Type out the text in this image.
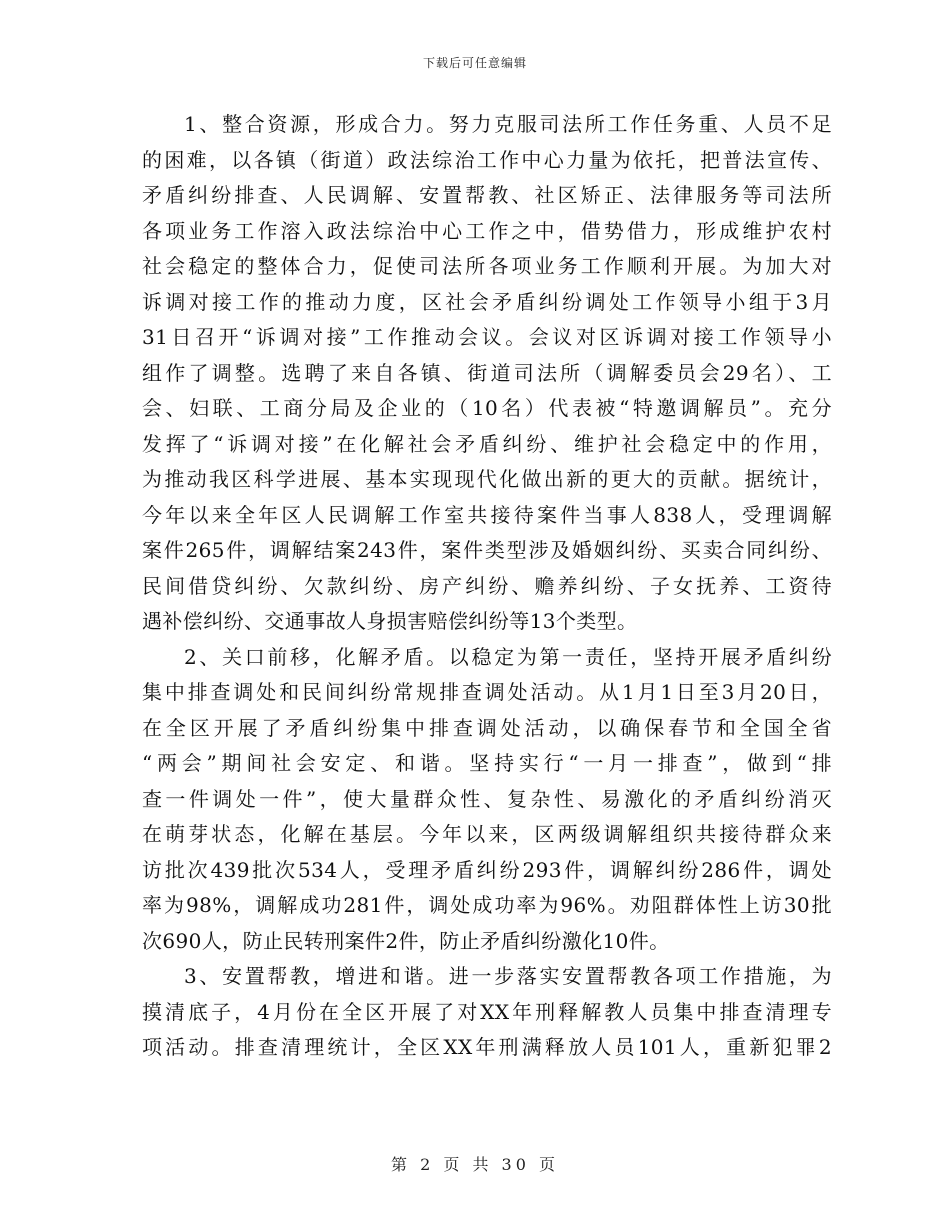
下载后可任意编辑
1、整合资源，形成合力。努力克服司法所工作任务重、人员不足
的困难，以各镇（街道）政法综治工作中心力量为依托，把普法宣传、
矛盾纠纷排查、人民调解、安置帮教、社区矫正、法律服务等司法所
各项业务工作溶入政法综治中心工作之中，借势借力，形成维护农村
社会稳定的整体合力，促使司法所各项业务工作顺利开展。为加大对
诉调对接工作的推动力度，区社会矛盾纠纷调处工作领导小组于3月
31日召开“诉调对接”工作推动会议。会议对区诉调对接工作领导小
组作了调整。选聘了来自各镇、街道司法所（调解委员会29名）、工
会、妇联、工商分局及企业的（10名）代表被“特邀调解员”。充分
发挥了“诉调对接”在化解社会矛盾纠纷、维护社会稳定中的作用，
为推动我区科学进展、基本实现现代化做出新的更大的贡献。据统计，
今年以来全年区人民调解工作室共接待案件当事人838人，受理调解
案件265件，调解结案243件，案件类型涉及婚姻纠纷、买卖合同纠纷、
民间借贷纠纷、欠款纠纷、房产纠纷、赡养纠纷、子女抚养、工资待
遇补偿纠纷、交通事故人身损害赔偿纠纷等13个类型。
2、关口前移，化解矛盾。以稳定为第一责任，坚持开展矛盾纠纷
集中排查调处和民间纠纷常规排查调处活动。从1月1日至3月20日，
在全区开展了矛盾纠纷集中排查调处活动，以确保春节和全国全省
“两会”期间社会安定、和谐。坚持实行“一月一排查”，做到“排
查一件调处一件”，使大量群众性、复杂性、易激化的矛盾纠纷消灭
在萌芽状态，化解在基层。今年以来，区两级调解组织共接待群众来
访批次439批次534人，受理矛盾纠纷293件，调解纠纷286件，调处
率为98%，调解成功281件，调处成功率为96%。劝阻群体性上访30批
次690人，防止民转刑案件2件，防止矛盾纠纷激化10件。
3、安置帮教，增进和谐。进一步落实安置帮教各项工作措施，为
摸清底子，4月份在全区开展了对XX年刑释解教人员集中排查清理专
项活动。排查清理统计，全区XX年刑满释放人员101人，重新犯罪2
第 2 页 共 30 页
